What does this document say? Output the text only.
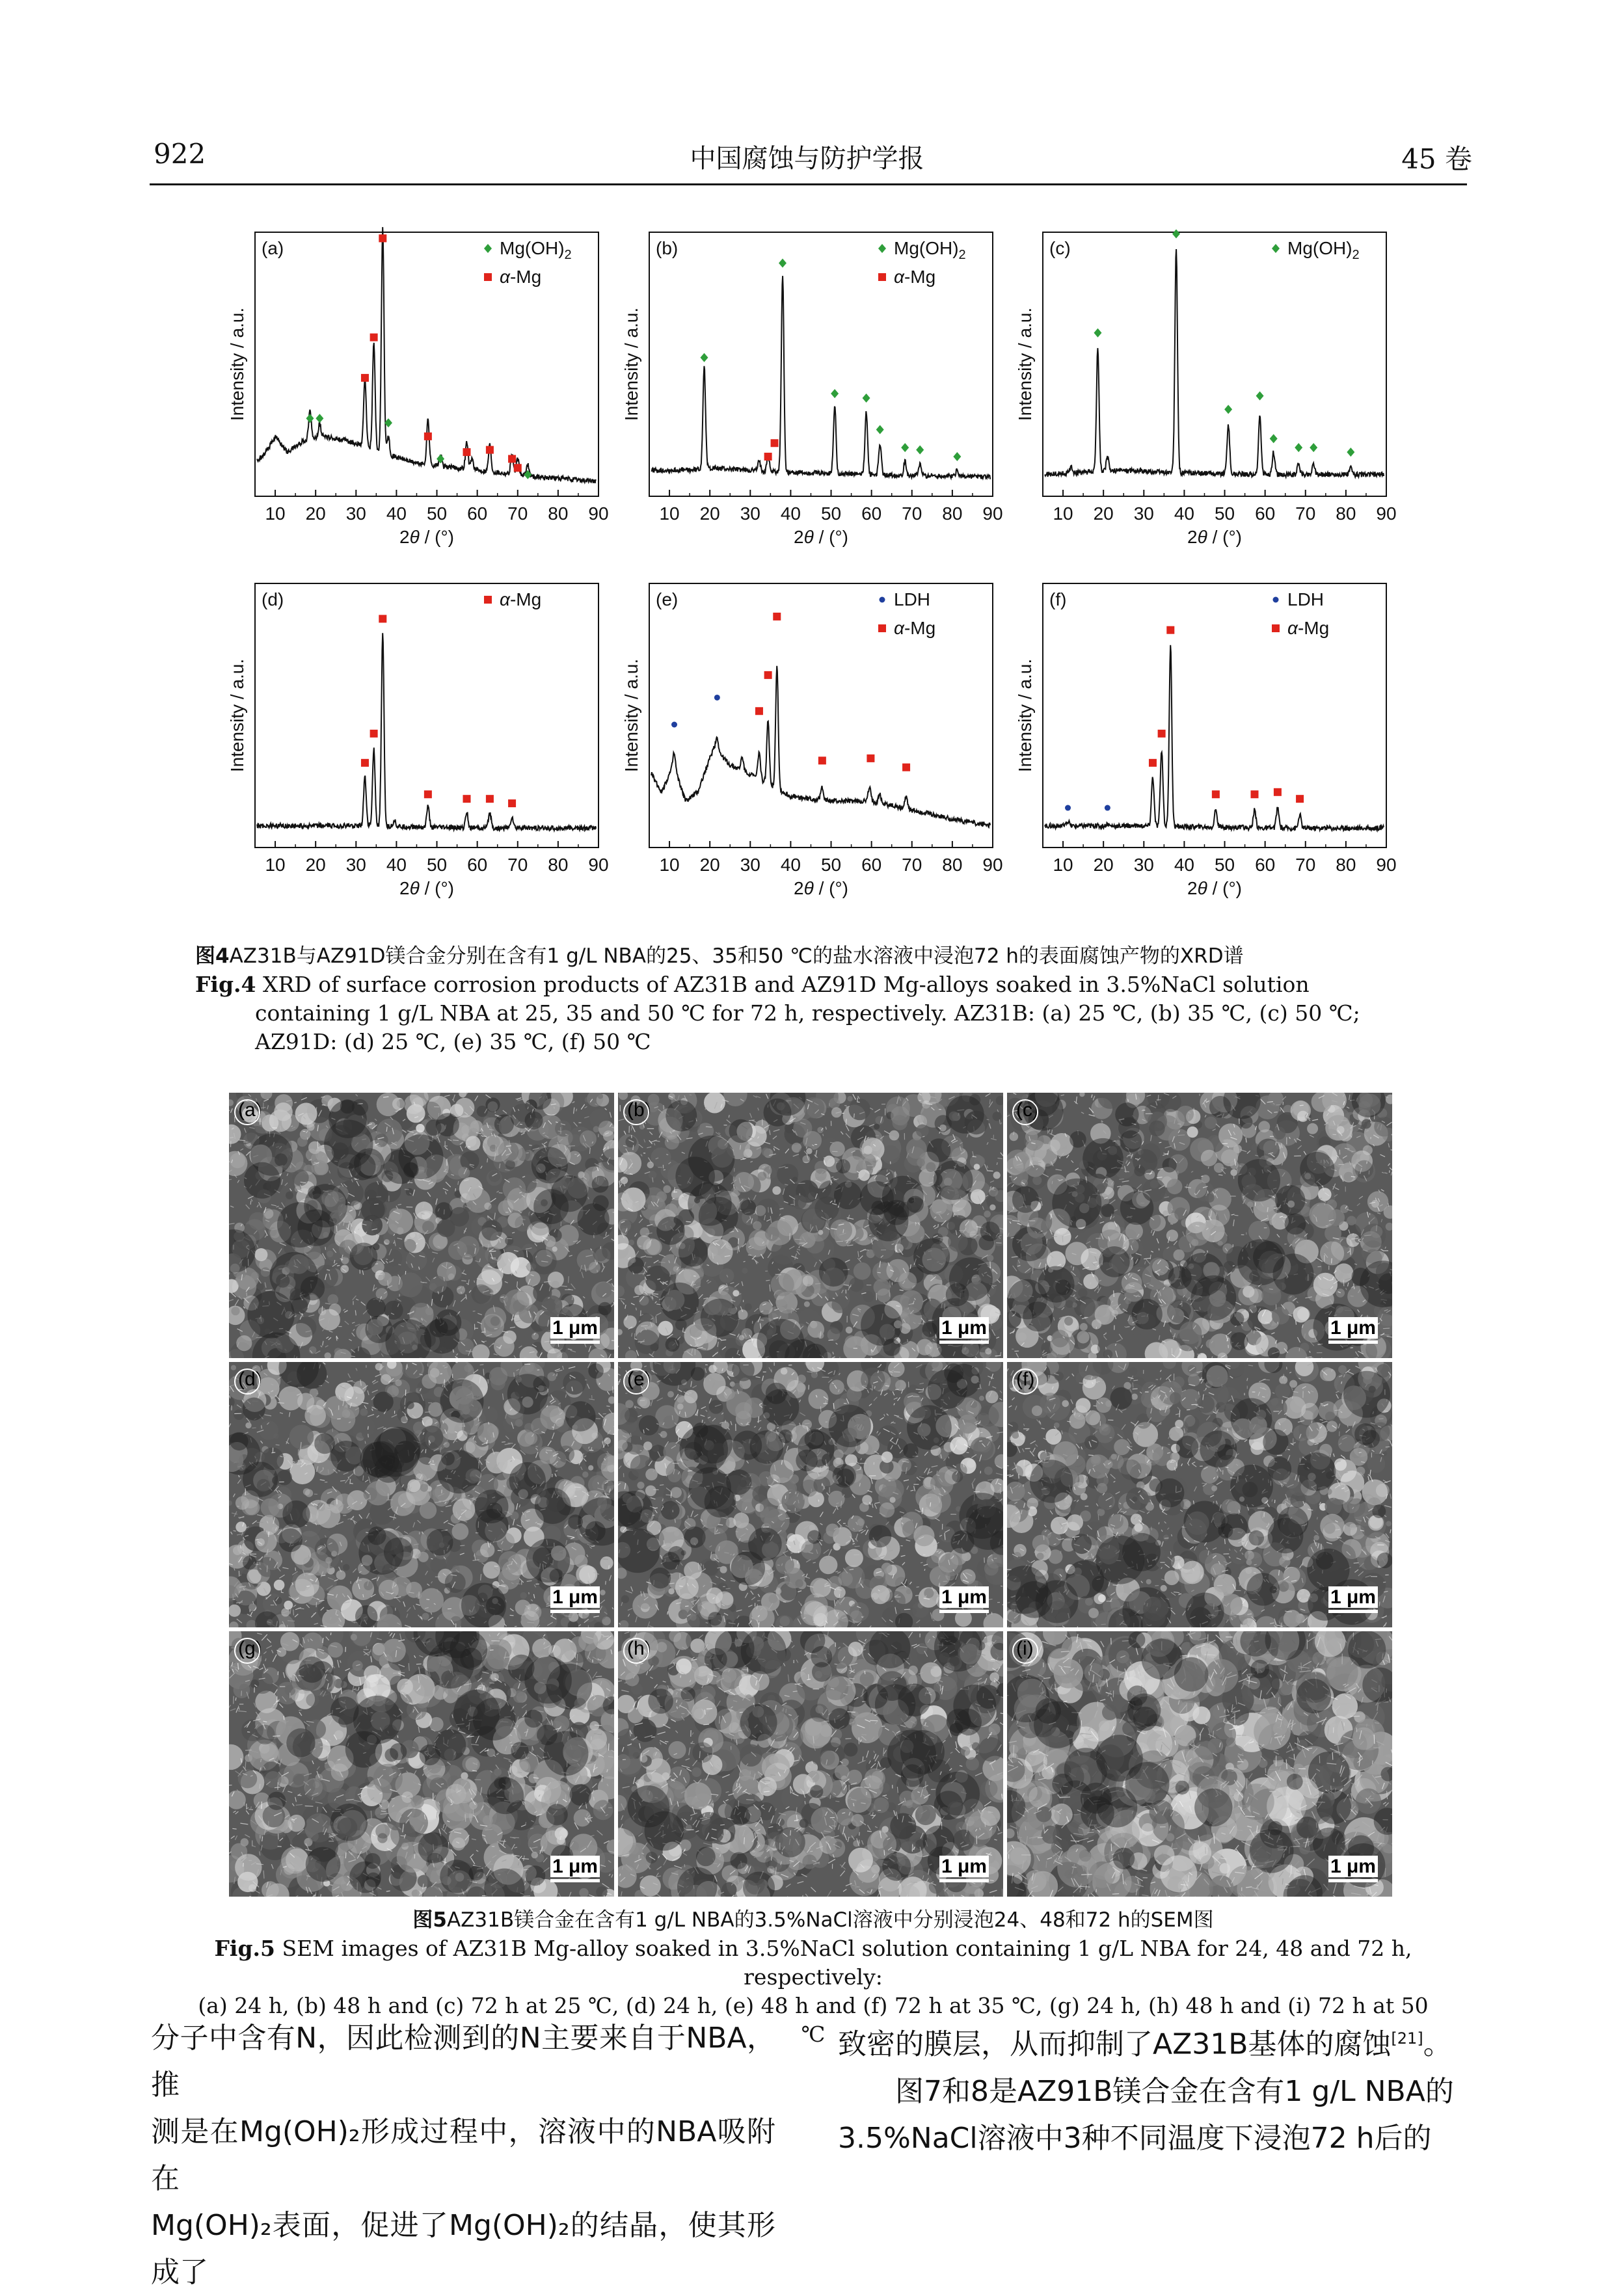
922	中国腐蚀与防护学报	45 卷
10 20 30 40 50 60 70 80 90
2θ / (°)
Intensity / a.u.
(a)	$Mg(OH)_2$
α-Mg
10 20 30 40 50 60 70 80 90
2θ / (°)
Intensity / a.u.
(b)	$Mg(OH)_2$
α-Mg
10 20 30 40 50 60 70 80 90
2θ / (°)
Intensity / a.u.
(c)	$Mg(OH)_2$
10 20 30 40 50 60 70 80 90
2θ / (°)
Intensity / a.u.
(d)	α-Mg
10 20 30 40 50 60 70 80 90
2θ / (°)
Intensity / a.u.
(e)	LDH
α-Mg
10 20 30 40 50 60 70 80 90
2θ / (°)
Intensity / a.u.
(f)	LDH
α-Mg
图4AZ31B与AZ91D镁合金分别在含有1 g/L NBA的25、35和50 ℃的盐水溶液中浸泡72 h的表面腐蚀产物的XRD谱
Fig.4 XRD of surface corrosion products of AZ31B and AZ91D Mg-alloys soaked in 3.5%NaCl solution containing 1 g/L NBA at 25, 35 and 50 ℃ for 72 h, respectively. AZ31B: (a) 25 ℃, (b) 35 ℃, (c) 50 ℃; AZ91D: (d) 25 ℃, (e) 35 ℃, (f) 50 ℃
(a)
1 μm
(b)
1 μm
(c)
1 μm
(d)
1 μm
(e)
1 μm
(f)
1 μm
(g)
1 μm
(h)
1 μm
(i)
1 μm
图5AZ31B镁合金在含有1 g/L NBA的3.5%NaCl溶液中分别浸泡24、48和72 h的SEM图
Fig.5 SEM images of AZ31B Mg-alloy soaked in 3.5%NaCl solution containing 1 g/L NBA for 24, 48 and 72 h, respectively:
(a) 24 h, (b) 48 h and (c) 72 h at 25 ℃, (d) 24 h, (e) 48 h and (f) 72 h at 35 ℃, (g) 24 h, (h) 48 h and (i) 72 h at 50 ℃

分子中含有N，因此检测到的N主要来自于NBA，推

测是在Mg(OH)₂形成过程中，溶液中的NBA吸附在

Mg(OH)₂表面，促进了Mg(OH)₂的结晶，使其形成了

致密的膜层，从而抑制了AZ31B基体的腐蚀[21]。

图7和8是AZ91B镁合金在含有1 g/L NBA的

3.5%NaCl溶液中3种不同温度下浸泡72 h后的
